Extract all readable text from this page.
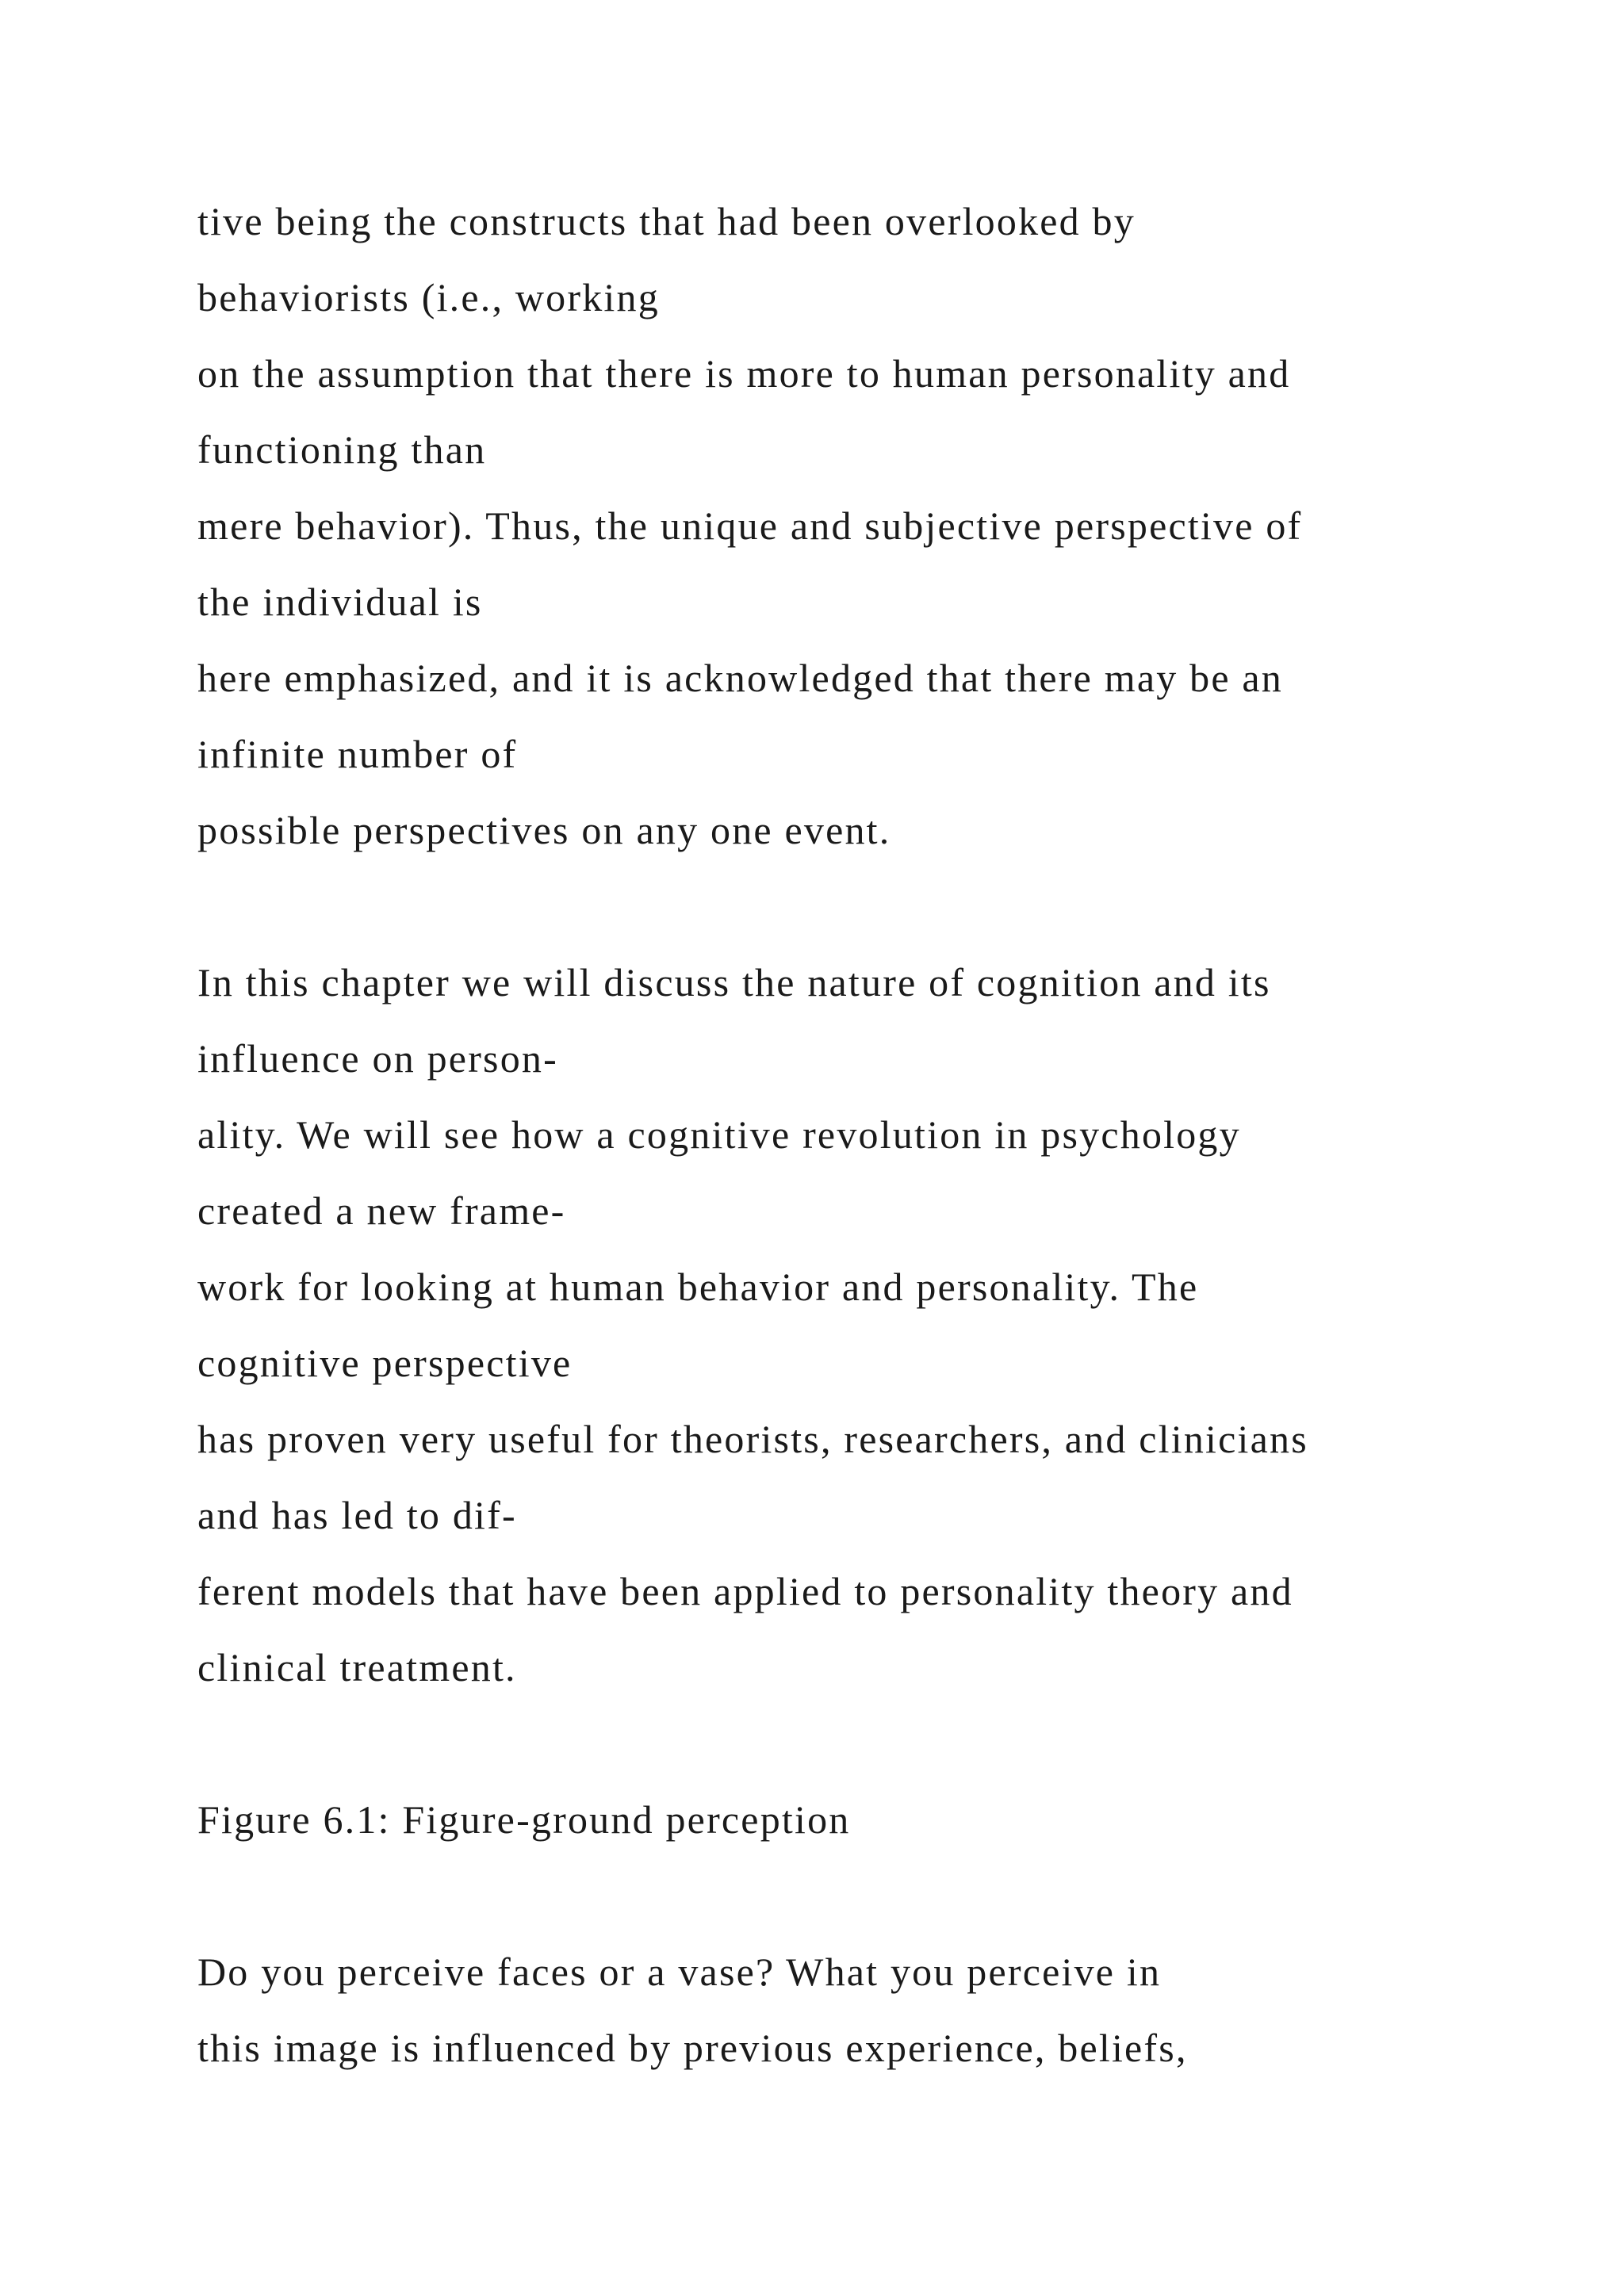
tive being the constructs that had been overlooked by
behaviorists (i.e., working
on the assumption that there is more to human personality and
functioning than
mere behavior). Thus, the unique and subjective perspective of
the individual is
here emphasized, and it is acknowledged that there may be an
infinite number of
possible perspectives on any one event.
In this chapter we will discuss the nature of cognition and its
influence on person-
ality. We will see how a cognitive revolution in psychology
created a new frame-
work for looking at human behavior and personality. The
cognitive perspective
has proven very useful for theorists, researchers, and clinicians
and has led to dif-
ferent models that have been applied to personality theory and
clinical treatment.
Figure 6.1: Figure-ground perception
Do you perceive faces or a vase? What you perceive in
this image is influenced by previous experience, beliefs,
